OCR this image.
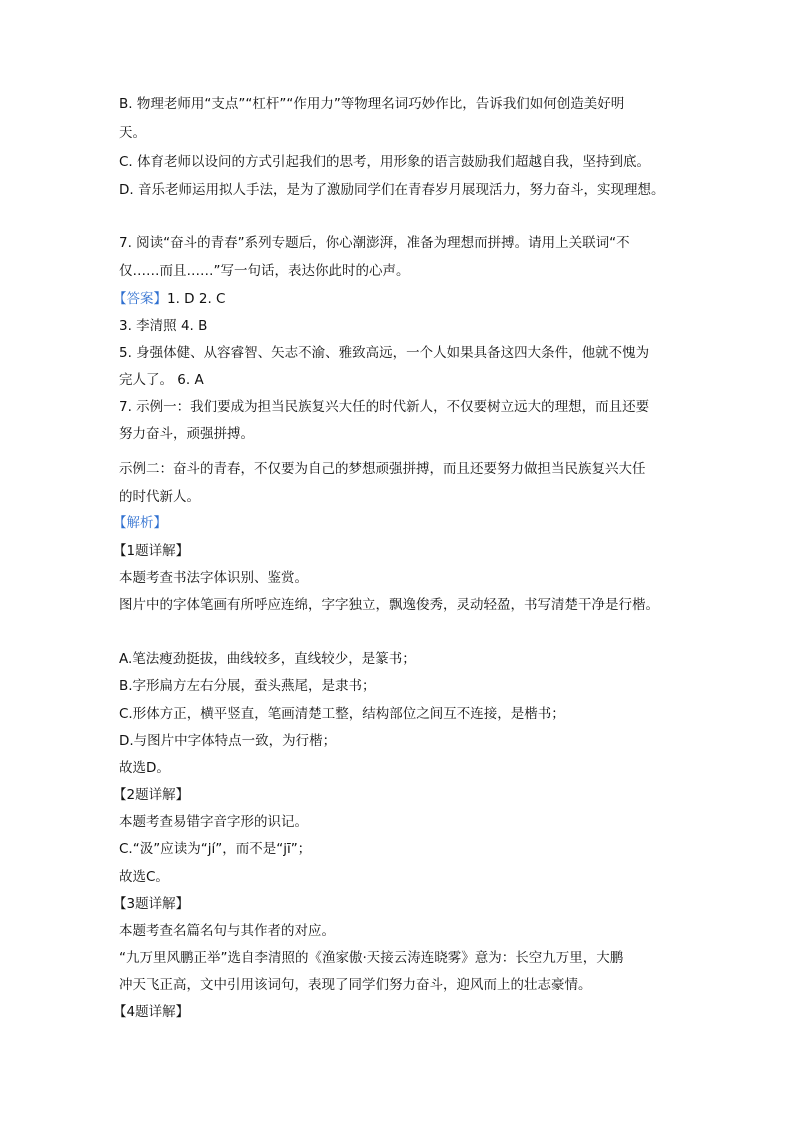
B. 物理老师用“支点”“杠杆”“作用力”等物理名词巧妙作比，告诉我们如何创造美好明
天。
C. 体育老师以设问的方式引起我们的思考，用形象的语言鼓励我们超越自我，坚持到底。
D. 音乐老师运用拟人手法，是为了激励同学们在青春岁月展现活力，努力奋斗，实现理想。
7. 阅读“奋斗的青春”系列专题后，你心潮澎湃，准备为理想而拼搏。请用上关联词“不
仅……而且……”写一句话，表达你此时的心声。
【答案】1. D 2. C
3. 李清照 4. B
5. 身强体健、从容睿智、矢志不渝、雅致高远，一个人如果具备这四大条件，他就不愧为
完人了。 6. A
7. 示例一：我们要成为担当民族复兴大任的时代新人，不仅要树立远大的理想，而且还要
努力奋斗，顽强拼搏。
示例二：奋斗的青春，不仅要为自己的梦想顽强拼搏，而且还要努力做担当民族复兴大任
的时代新人。
【解析】
【1题详解】
本题考查书法字体识别、鉴赏。
图片中的字体笔画有所呼应连绵，字字独立，飘逸俊秀，灵动轻盈，书写清楚干净是行楷。
A.笔法瘦劲挺拔，曲线较多，直线较少，是篆书；
B.字形扁方左右分展，蚕头燕尾，是隶书；
C.形体方正，横平竖直，笔画清楚工整，结构部位之间互不连接，是楷书；
D.与图片中字体特点一致，为行楷；
故选D。
【2题详解】
本题考查易错字音字形的识记。
C.“汲”应读为“jí”，而不是“jī”；
故选C。
【3题详解】
本题考查名篇名句与其作者的对应。
“九万里风鹏正举”选自李清照的《渔家傲·天接云涛连晓雾》意为：长空九万里，大鹏
冲天飞正高，文中引用该词句，表现了同学们努力奋斗，迎风而上的壮志豪情。
【4题详解】
